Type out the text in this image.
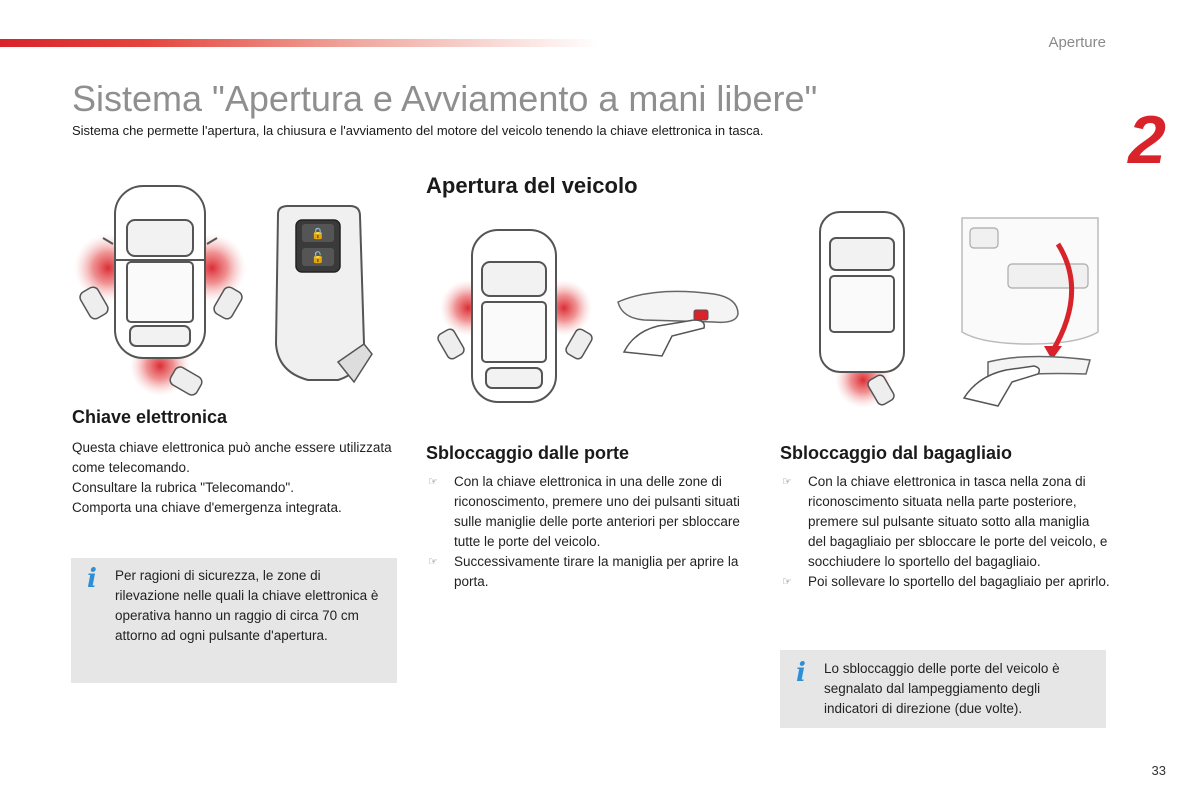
Aperture
2
Sistema "Apertura e Avviamento a mani libere"
Sistema che permette l'apertura, la chiusura e l'avviamento del motore del veicolo tenendo la chiave elettronica in tasca.
🔒
🔓
Chiave elettronica
Questa chiave elettronica può anche essere utilizzata come telecomando.
Consultare la rubrica "Telecomando".
Comporta una chiave d'emergenza integrata.
i Per ragioni di sicurezza, le zone di rilevazione nelle quali la chiave elettronica è operativa hanno un raggio di circa 70 cm attorno ad ogni pulsante d'apertura.
Apertura del veicolo
Sbloccaggio dalle porte
☞ Con la chiave elettronica in una delle zone di riconoscimento, premere uno dei pulsanti situati sulle maniglie delle porte anteriori per sbloccare tutte le porte del veicolo.
☞ Successivamente tirare la maniglia per aprire la porta.
Sbloccaggio dal bagagliaio
☞ Con la chiave elettronica in tasca nella zona di riconoscimento situata nella parte posteriore, premere sul pulsante situato sotto alla maniglia del bagagliaio per sbloccare le porte del veicolo, e socchiudere lo sportello del bagagliaio.
☞ Poi sollevare lo sportello del bagagliaio per aprirlo.
i Lo sbloccaggio delle porte del veicolo è segnalato dal lampeggiamento degli indicatori di direzione (due volte).
33
